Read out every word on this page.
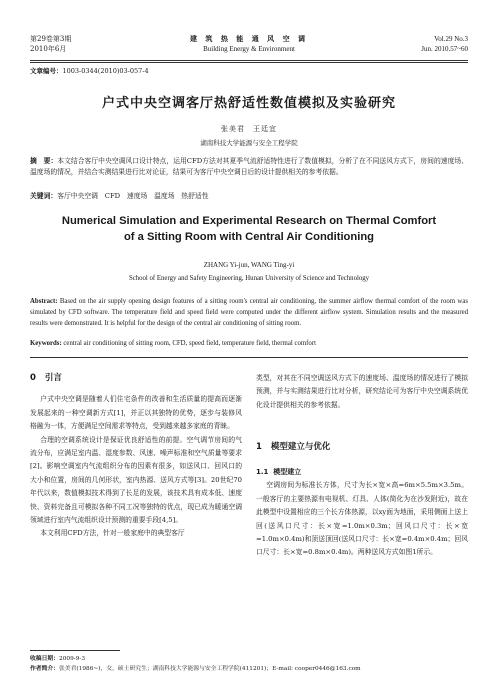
第29卷第3期
2010年6月
建 筑 热 能 通 风 空 调
Building Energy & Environment
Vol.29 No.3
Jun. 2010.57~60
文章编号：1003-0344(2010)03-057-4
户式中央空调客厅热舒适性数值模拟及实验研究
张美君　王廷宜
湖南科技大学能源与安全工程学院
摘　要：本文结合客厅中央空调风口设计特点，运用CFD方法对其夏季气流舒适特性进行了数值模拟，分析了在不同送风方式下，房间的速度场、温度场的情况，并结合实测结果进行比对论证，结果可为客厅中央空调日后的设计提供相关的参考依据。
关键词：客厅中央空调　CFD　速度场　温度场　热舒适性
Numerical Simulation and Experimental Research on Thermal Comfort
of a Sitting Room with Central Air Conditioning
ZHANG Yi-jun, WANG Ting-yi
School of Energy and Safety Engineering, Hunan University of Science and Technology
Abstract: Based on the air supply opening design features of a sitting room's central air conditioning, the summer airflow thermal comfort of the room was simulated by CFD software. The temperature field and speed field were computed under the different airflow system. Simulation results and the measured results were demonstrated. It is helpful for the design of the central air conditioning of sitting room.
Keywords: central air conditioning of sitting room, CFD, speed field, temperature field, thermal comfort
0 引言

户式中央空调是随着人们住宅条件的改善和生活质量的提高而逐渐发展起来的一种空调新方式[1]，并正以其独特的优势，逐步与装修风格融为一体，方便满足空间需求等特点，受到越来越多家庭的青睐。

合理的空调系统设计是保证优良舒适性的前提。空气调节房间的气流分布，应满足室内温、湿度参数、风速、噪声标准和空气质量等要求[2]。影响空调室内气流组织分布的因素有很多，如送风口、回风口的大小和位置，房间的几何形状，室内热源、送风方式等[3]。20世纪70年代以来，数值模拟技术得到了长足的发展，该技术具有成本低、速度快、资料完备且可模拟各种不同工况等独特的优点，现已成为暖通空调领域进行室内气流组织设计预测的重要手段[4,5]。

本文利用CFD方法，针对一般家庭中的典型客厅

类型，对其在不同空调送风方式下的速度场、温度场的情况进行了模拟预测，并与实测结果进行比对分析，研究结论可为客厅中央空调系统优化设计提供相关的参考依据。
1 模型建立与优化
1.1 模型建立

空调房间为标准长方体，尺寸为长×宽×高=6m×5.5m×3.5m。一般客厅的主要热源有电视机、灯具、人体(简化为在沙发附近)，故在此模型中设置相应的三个长方体热源，以xy面为地面，采用侧面上送上回(送风口尺寸：长×宽=1.0m×0.3m；回风口尺寸：长×宽=1.0m×0.4m)和顶送顶回(送风口尺寸：长×宽=0.4m×0.4m；回风口尺寸：长×宽=0.8m×0.4m)。两种送风方式如图1所示。

收稿日期：2009-9-3
作者简介：张美君(1986~)，女，硕士研究生；湖南科技大学能源与安全工程学院(411201)；E-mail: cooper0446@163.com
